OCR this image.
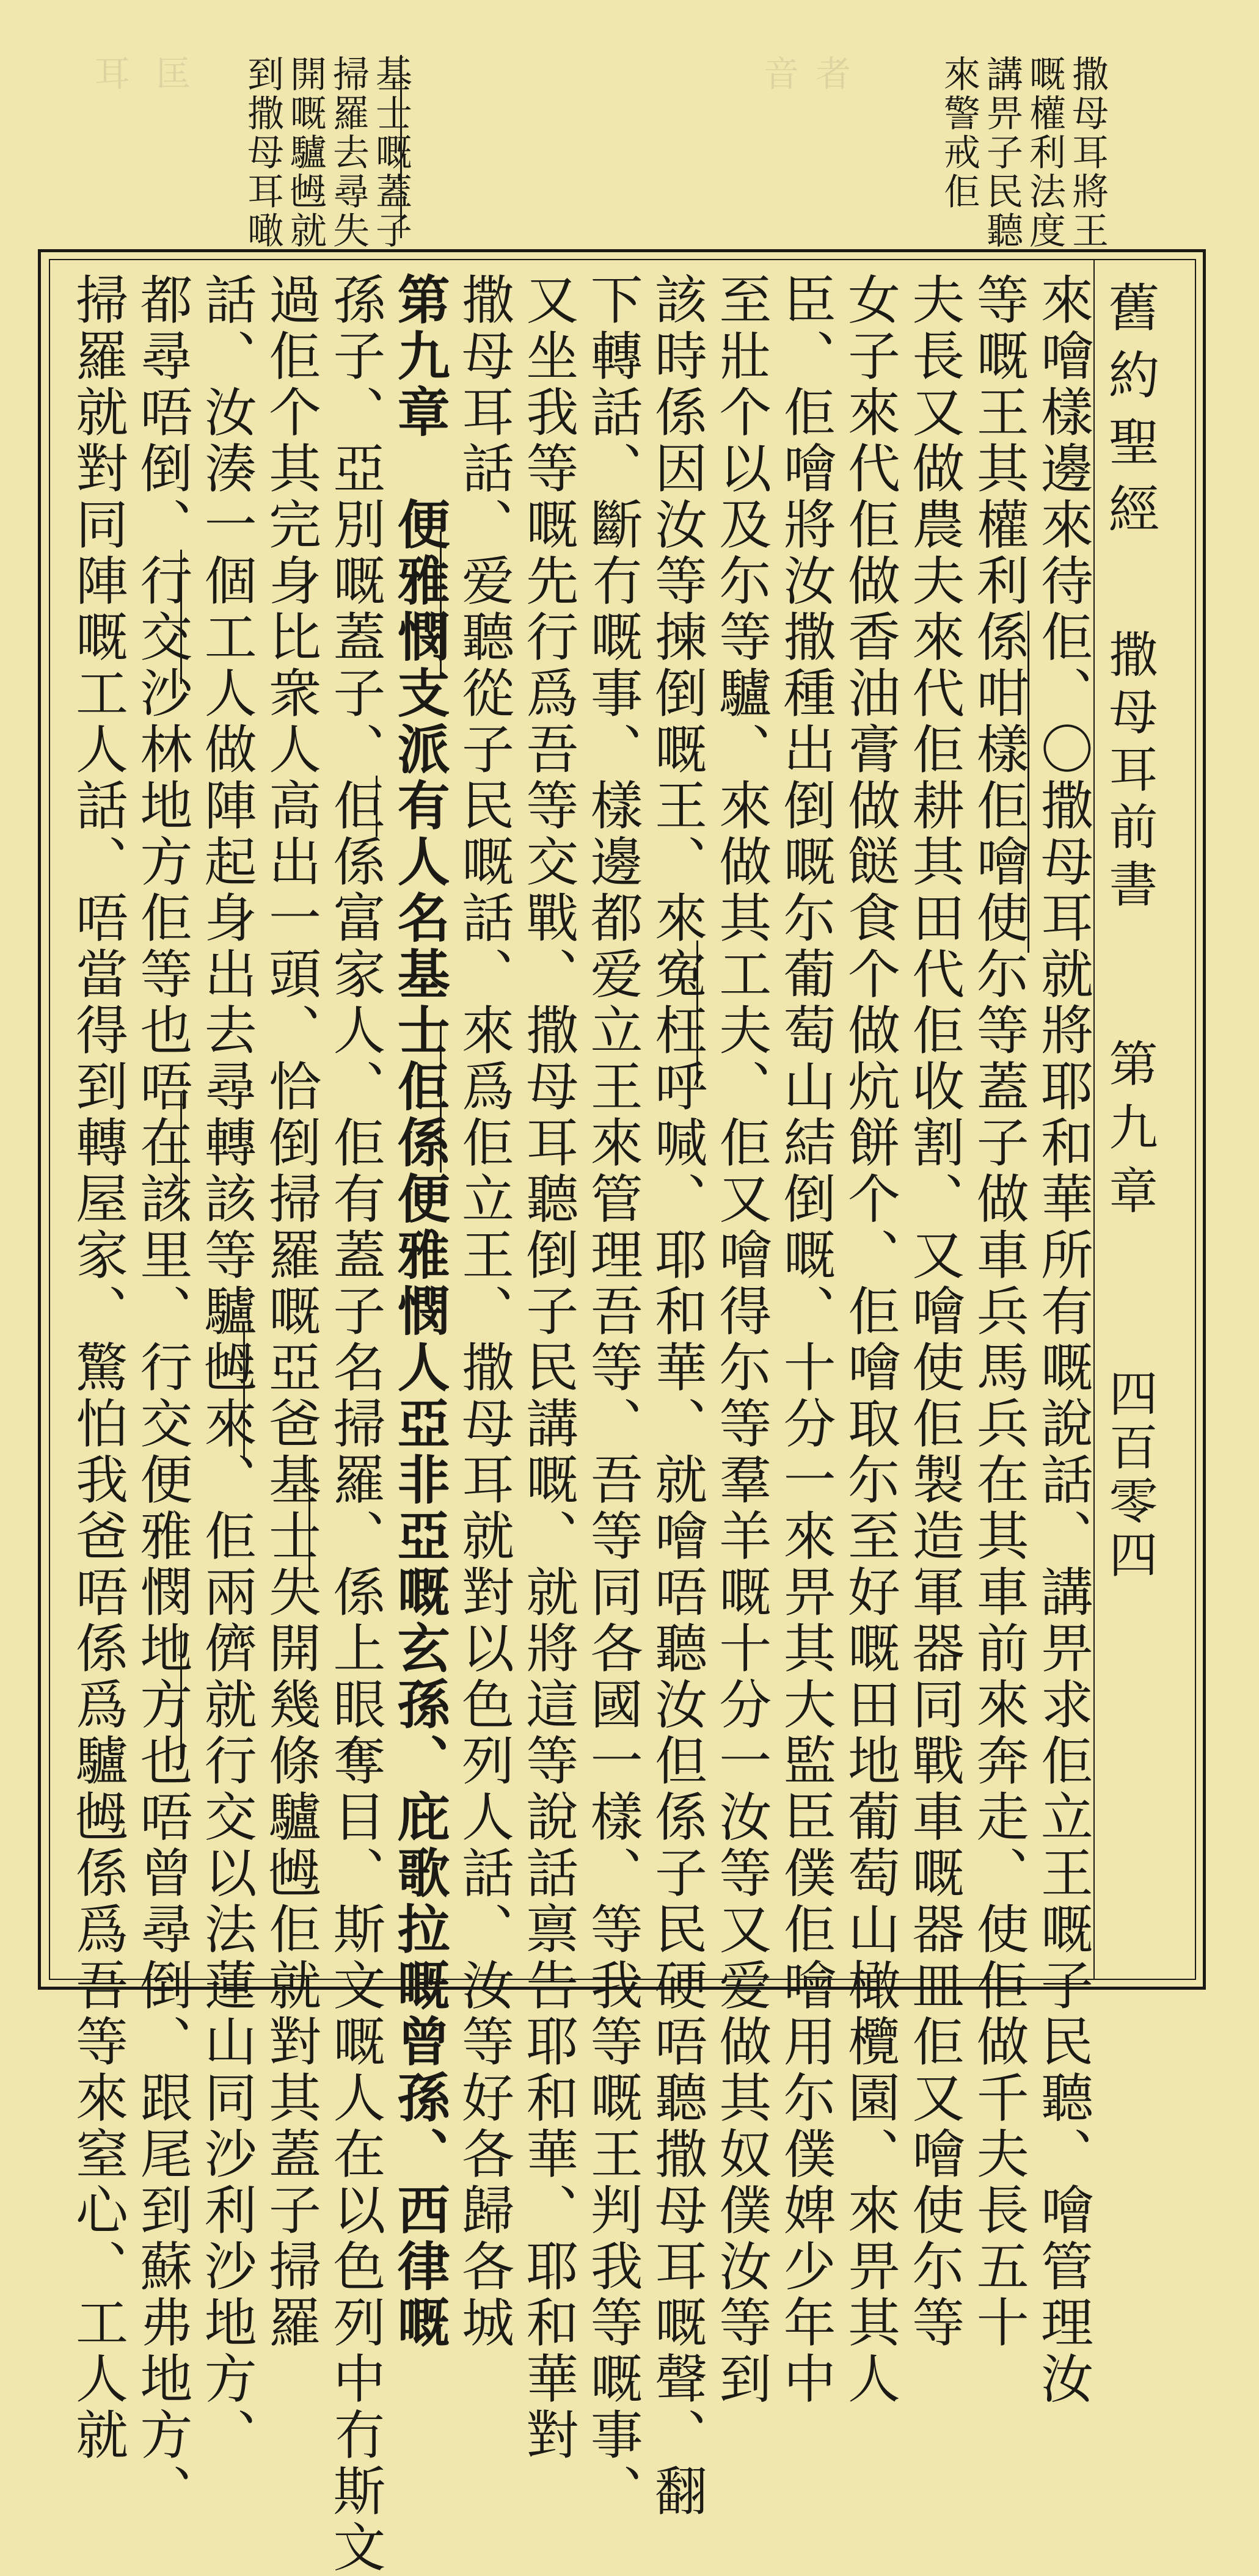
耳 匡	音 者
基士嘅蓋子
掃羅去尋失
開嘅驢乸就
到撒母耳噉	撒母耳將王
嘅權利法度
講畀子民聽
來警戒佢
舊約聖經
撒母耳前書
第九章
四百零四
來噲樣邊來待佢、〇撒母耳就將耶和華所有嘅說話、講畀求佢立王嘅子民聽、噲管理汝
等嘅王其權利係咁樣佢噲使尓等蓋子做車兵馬兵在其車前來奔走、使佢做千夫長五十
夫長又做農夫來代佢耕其田代佢收割、又噲使佢製造軍器同戰車嘅器皿佢又噲使尓等
女子來代佢做香油膏做餸食个做炕餅个、佢噲取尓至好嘅田地葡萄山橄欖園、來畀其人
臣、佢噲將汝撒種出倒嘅尓葡萄山結倒嘅、十分一來畀其大監臣僕佢噲用尓僕婢少年中
至壯个以及尓等驢、來做其工夫、佢又噲得尓等羣羊嘅十分一汝等又爱做其奴僕汝等到
該時係因汝等揀倒嘅王、來寃枉呼喊、耶和華、就噲唔聽汝但係子民硬唔聽撒母耳嘅聲、翻
下轉話、斷冇嘅事、樣邊都爱立王來管理吾等、吾等同各國一樣、等我等嘅王判我等嘅事、
又坐我等嘅先行爲吾等交戰、撒母耳聽倒子民講嘅、就將這等說話禀告耶和華、耶和華對
撒母耳話、爱聽從子民嘅話、來爲佢立王、撒母耳就對以色列人話、汝等好各歸各城
第九章　便雅憫支派有人名基士佢係便雅憫人亞非亞嘅玄孫、庇歌拉嘅曾孫、西律嘅
孫子、亞別嘅蓋子、佢係富家人、佢有蓋子名掃羅、係上眼奪目、斯文嘅人在以色列中冇斯文
過佢个其完身比衆人高出一頭、恰倒掃羅嘅亞爸基士失開幾條驢乸佢就對其蓋子掃羅
話、汝湊一個工人做陣起身出去尋轉該等驢乸來、佢兩儕就行交以法蓮山同沙利沙地方、
都尋唔倒、行交沙林地方佢等也唔在該里、行交便雅憫地方也唔曾尋倒、跟尾到蘇弗地方、
掃羅就對同陣嘅工人話、唔當得到轉屋家、驚怕我爸唔係爲驢乸係爲吾等來窒心、工人就
